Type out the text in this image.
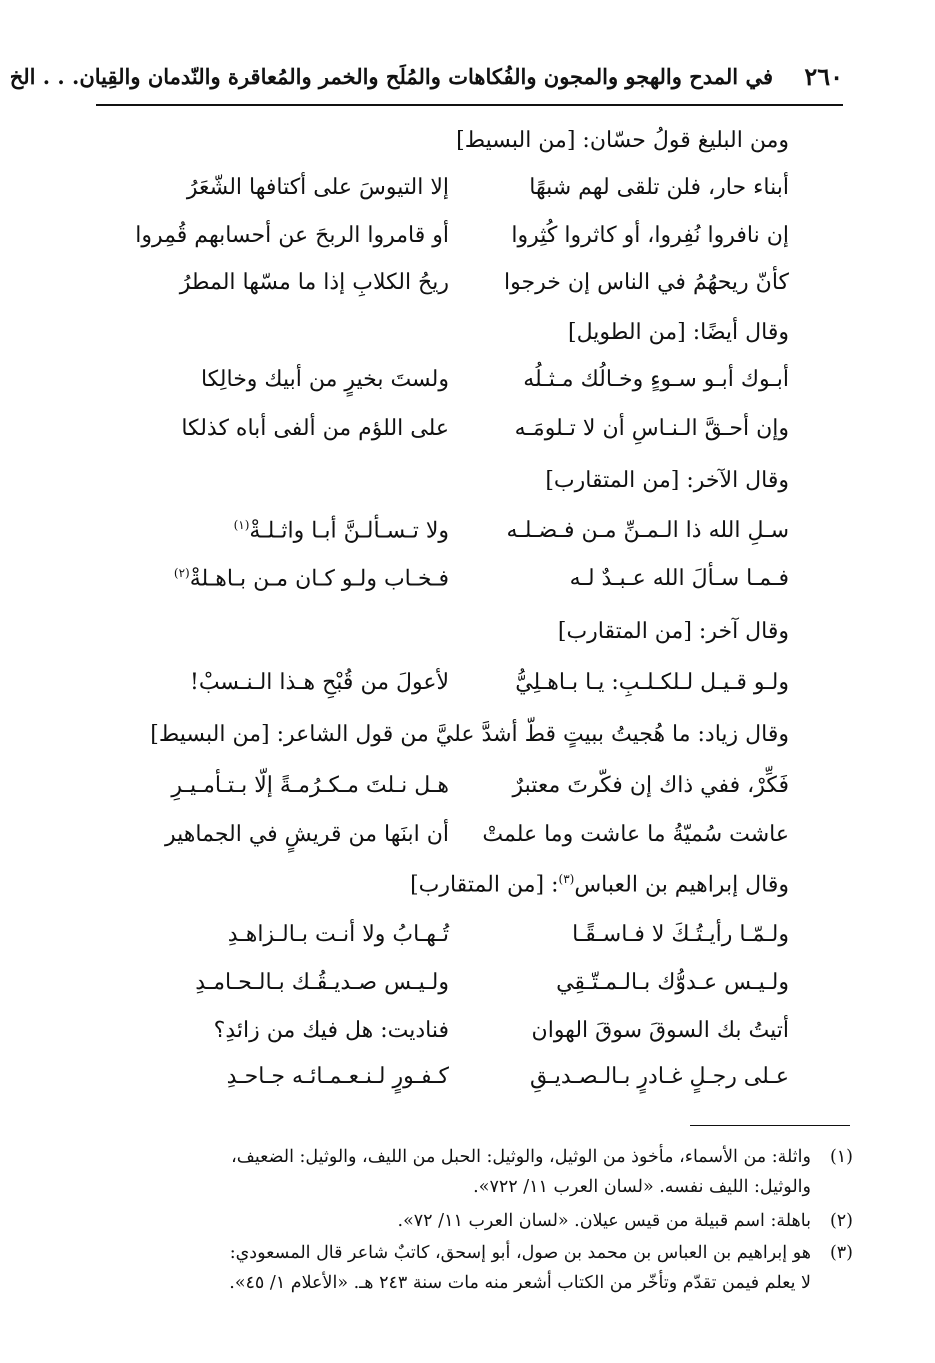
٢٦٠
في المدح والهجو والمجون والفُكاهات والمُلَح والخمر والمُعاقرة والنّدمان والقِيان. . . الخ
ومن البليغ قولُ حسّان: [من البسيط]
أبناء حار، فلن تلقى لهم شبهًا
إلا التيوسَ على أكتافها الشّعَرُ
إن نافروا نُفِروا، أو كاثروا كُثِروا
أو قامروا الربحَ عن أحسابهم قُمِروا
كأنّ ريحهُمُ في الناس إن خرجوا
ريحُ الكلابِ إذا ما مسّها المطرُ
وقال أيضًا: [من الطويل]
أبـوك أبـو سـوءٍ وخـالُك مـثـلُه
ولستَ بخيرٍ من أبيك وخالِكا
وإن أحـقَّ الـنـاسِ أن لا تـلومَـه
على اللؤم من ألفى أباه كذلكا
وقال الآخر: [من المتقارب]
سـلِ الله ذا الـمـنِّ مـن فـضـلـه
ولا تـسـألـنَّ أبـا واثـلـةْ$^{(١)}$
فـمـا سـألَ الله عـبـدٌ لـه
فـخـاب ولـو كـان مـن بـاهـلةْ$^{(٢)}$
وقال آخر: [من المتقارب]
ولـو قـيـل لـلكـلـبِ: يـا بـاهـلِيُّ
لأعولَ من قُبْحِ هـذا الـنـسبْ!
وقال زياد: ما هُجيتُ ببيتٍ قطّ أشدَّ عليَّ من قول الشاعر: [من البسيط]
فَكِّرْ، ففي ذاك إن فكّرتَ معتبرٌ
هـل نـلتَ مـكـرُمـةً إلّا بـتـأمـيـرِ
عاشت سُميّةُ ما عاشت وما علمتْ
أن ابنَها من قريشٍ في الجماهير
وقال إبراهيم بن العباس$^{(٣)}$: [من المتقارب]
ولـمّـا رأيـتُـكَ لا فـاسـقًـا
تُـهـابُ ولا أنـت بـالـزاهـدِ
ولـيـس عـدوُّك بـالـمـتّـقِي
ولـيـس صـديـقُـك بـالـحـامـدِ
أتيتُ بك السوقَ سوقَ الهوان
فناديت: هل فيك من زائدِ؟
عـلى رجـلٍ غـادرٍ بـالـصـديـقِ
كـفـورٍ لـنـعـمـائـه جـاحـدِ
(١)
واثلة: من الأسماء، مأخوذ من الوثيل، والوثيل: الحبل من الليف، والوثيل: الضعيف،
والوثيل: الليف نفسه. «لسان العرب ١١/ ٧٢٢».
(٢)
باهلة: اسم قبيلة من قيس عيلان. «لسان العرب ١١/ ٧٢».
(٣)
هو إبراهيم بن العباس بن محمد بن صول، أبو إسحق، كاتبٌ شاعر قال المسعودي:
لا يعلم فيمن تقدّم وتأخّر من الكتاب أشعر منه مات سنة ٢٤٣ هـ. «الأعلام ١/ ٤٥».
